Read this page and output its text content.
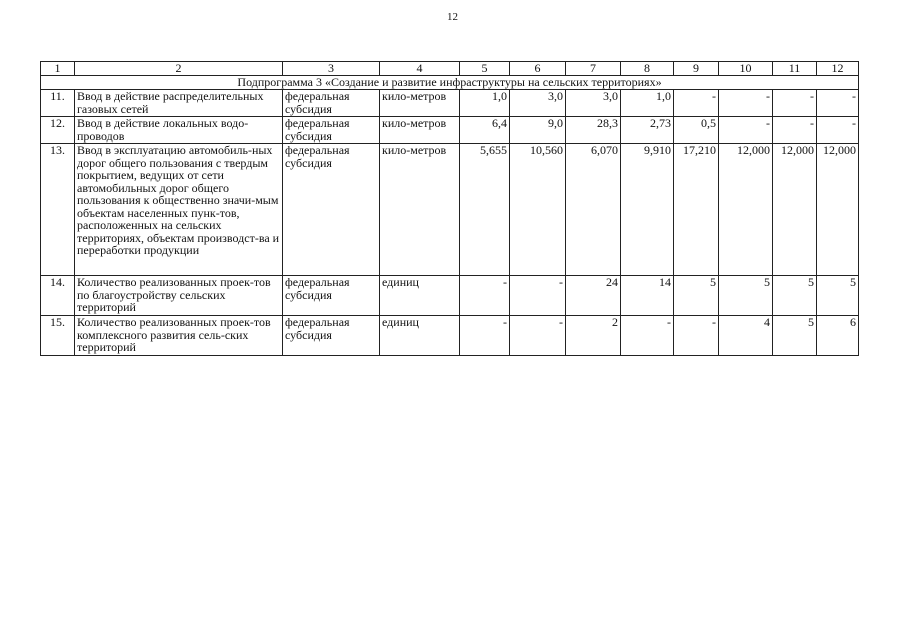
12
1	2	3	4	5	6	7	8	9	10	11	12
Подпрограмма 3 «Создание и развитие инфраструктуры на сельских территориях»											
11.	Ввод в действие распределительных газовых сетей	федеральная субсидия	кило-метров	1,0	3,0	3,0	1,0	-	-	-	-
12.	Ввод в действие локальных водо-проводов	федеральная субсидия	кило-метров	6,4	9,0	28,3	2,73	0,5	-	-	-
13.	Ввод в эксплуатацию автомобиль-ных дорог общего пользования с твердым покрытием, ведущих от сети автомобильных дорог общего пользования к общественно значи-мым объектам населенных пунк-тов, расположенных на сельских территориях, объектам производст-ва и переработки продукции	федеральная субсидия	кило-метров	5,655	10,560	6,070	9,910	17,210	12,000	12,000	12,000
14.	Количество реализованных проек-тов по благоустройству сельских территорий	федеральная субсидия	единиц	-	-	24	14	5	5	5	5
15.	Количество реализованных проек-тов комплексного развития сель-ских территорий	федеральная субсидия	единиц	-	-	2	-	-	4	5	6
